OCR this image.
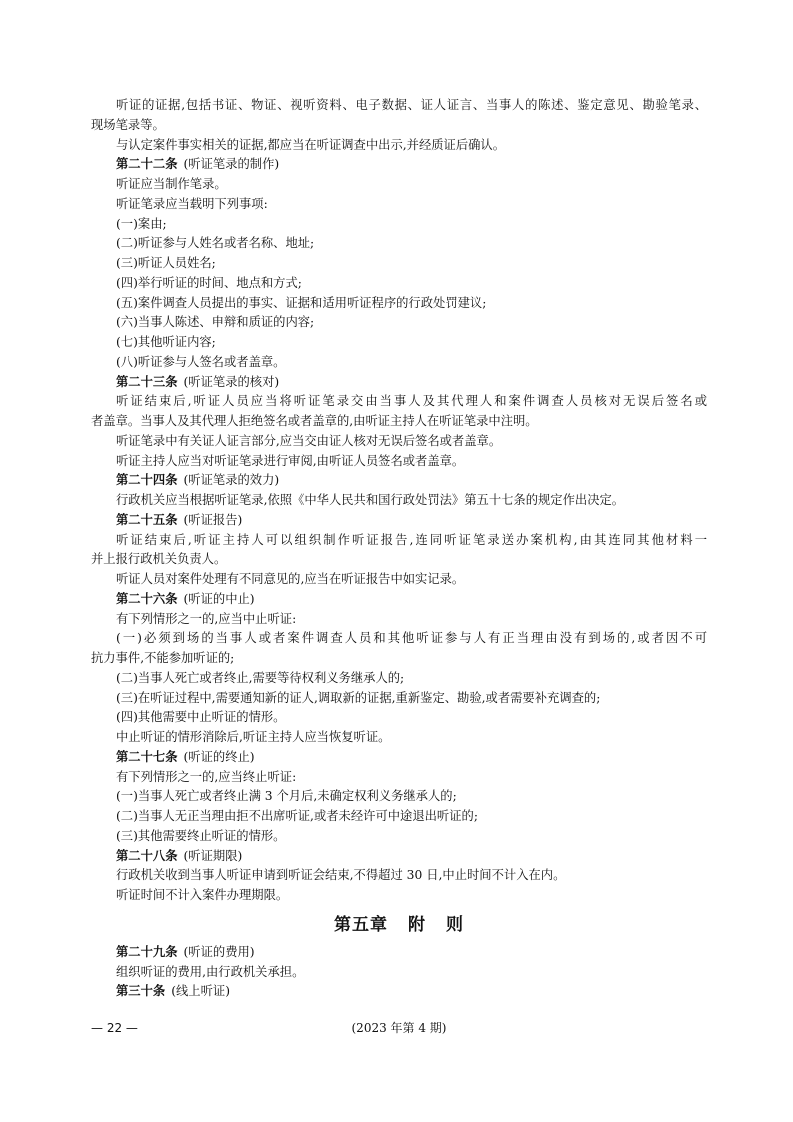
听证的证据,包括书证、物证、视听资料、电子数据、证人证言、当事人的陈述、鉴定意见、勘验笔录、
现场笔录等。
与认定案件事实相关的证据,都应当在听证调查中出示,并经质证后确认。
第二十二条 (听证笔录的制作)
听证应当制作笔录。
听证笔录应当载明下列事项:
(一)案由;
(二)听证参与人姓名或者名称、地址;
(三)听证人员姓名;
(四)举行听证的时间、地点和方式;
(五)案件调查人员提出的事实、证据和适用听证程序的行政处罚建议;
(六)当事人陈述、申辩和质证的内容;
(七)其他听证内容;
(八)听证参与人签名或者盖章。
第二十三条 (听证笔录的核对)
听证结束后,听证人员应当将听证笔录交由当事人及其代理人和案件调查人员核对无误后签名或
者盖章。当事人及其代理人拒绝签名或者盖章的,由听证主持人在听证笔录中注明。
听证笔录中有关证人证言部分,应当交由证人核对无误后签名或者盖章。
听证主持人应当对听证笔录进行审阅,由听证人员签名或者盖章。
第二十四条 (听证笔录的效力)
行政机关应当根据听证笔录,依照《中华人民共和国行政处罚法》第五十七条的规定作出决定。
第二十五条 (听证报告)
听证结束后,听证主持人可以组织制作听证报告,连同听证笔录送办案机构,由其连同其他材料一
并上报行政机关负责人。
听证人员对案件处理有不同意见的,应当在听证报告中如实记录。
第二十六条 (听证的中止)
有下列情形之一的,应当中止听证:
(一)必须到场的当事人或者案件调查人员和其他听证参与人有正当理由没有到场的,或者因不可
抗力事件,不能参加听证的;
(二)当事人死亡或者终止,需要等待权利义务继承人的;
(三)在听证过程中,需要通知新的证人,调取新的证据,重新鉴定、勘验,或者需要补充调查的;
(四)其他需要中止听证的情形。
中止听证的情形消除后,听证主持人应当恢复听证。
第二十七条 (听证的终止)
有下列情形之一的,应当终止听证:
(一)当事人死亡或者终止满 3 个月后,未确定权利义务继承人的;
(二)当事人无正当理由拒不出席听证,或者未经许可中途退出听证的;
(三)其他需要终止听证的情形。
第二十八条 (听证期限)
行政机关收到当事人听证申请到听证会结束,不得超过 30 日,中止时间不计入在内。
听证时间不计入案件办理期限。
第五章 附 则
第二十九条 (听证的费用)
组织听证的费用,由行政机关承担。
第三十条 (线上听证)
— 22 —	(2023 年第 4 期)
